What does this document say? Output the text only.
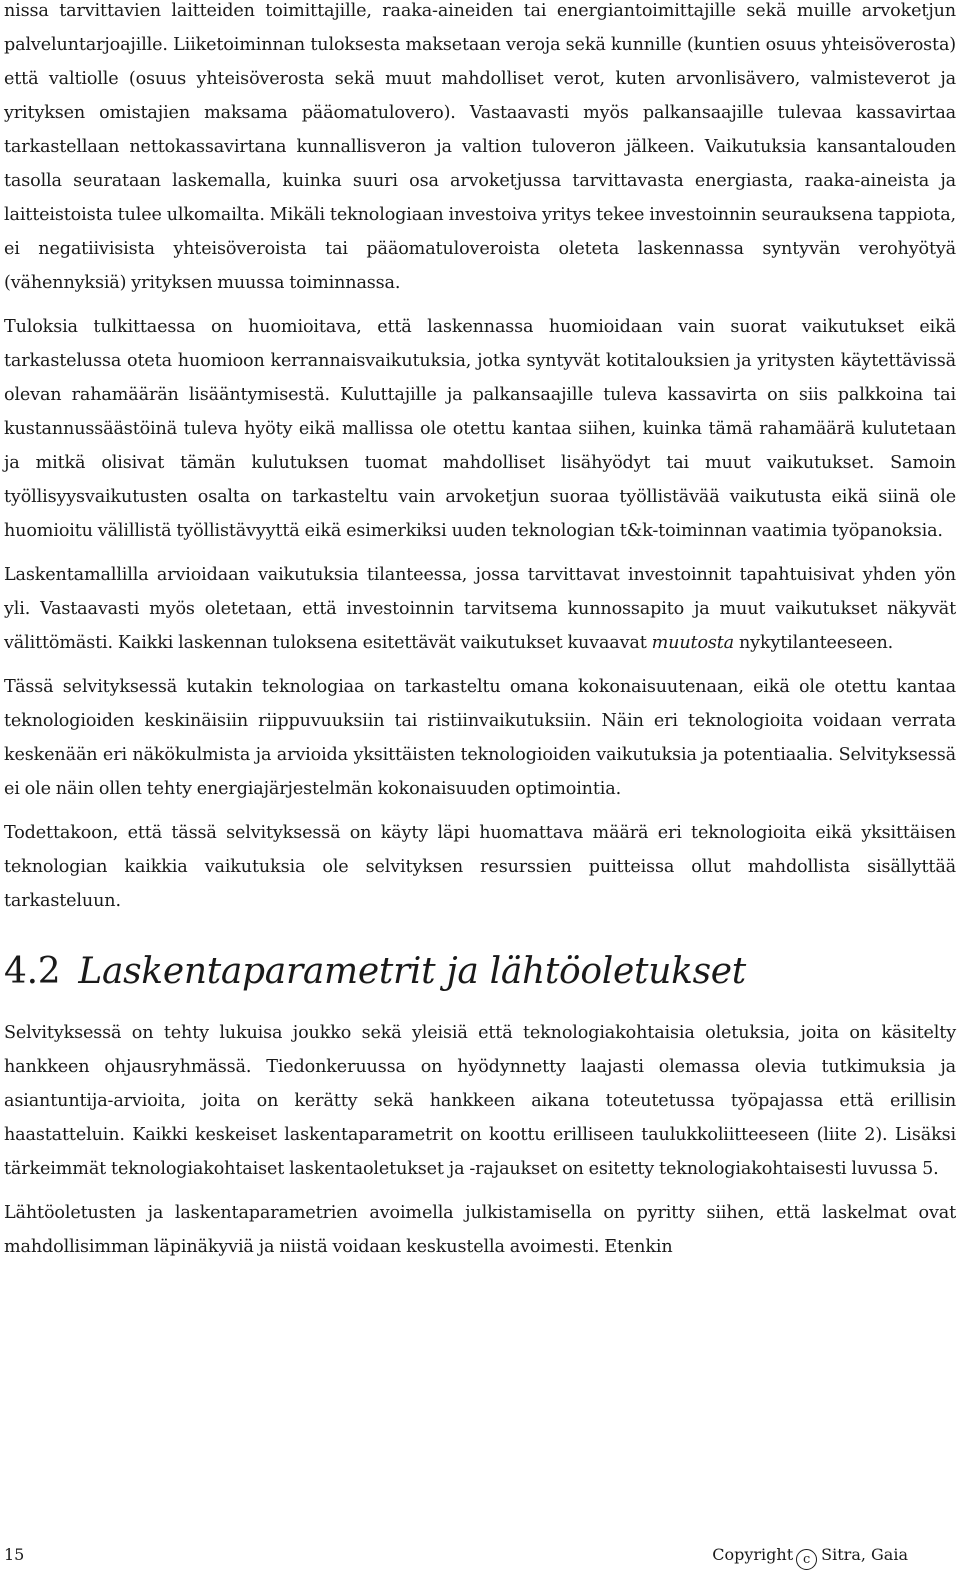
nissa tarvittavien laitteiden toimittajille, raaka-aineiden tai energiantoimittajille sekä muille arvoketjun palveluntarjoajille. Liiketoiminnan tuloksesta maksetaan veroja sekä kunnille (kuntien osuus yhteisöverosta) että valtiolle (osuus yhteisöverosta sekä muut mahdolliset verot, kuten arvonlisävero, valmisteverot ja yrityksen omistajien maksama pääomatulovero). Vastaavasti myös palkansaajille tulevaa kassavirtaa tarkastellaan nettokassavirtana kunnallisveron ja valtion tuloveron jälkeen. Vaikutuksia kansantalouden tasolla seurataan laskemalla, kuinka suuri osa arvoketjussa tarvittavasta energiasta, raaka-aineista ja laitteistoista tulee ulkomailta. Mikäli teknologiaan investoiva yritys tekee investoinnin seurauksena tappiota, ei negatiivisista yhteisöveroista tai pääomatuloveroista oleteta laskennassa syntyvän verohyötyä (vähennyksiä) yrityksen muussa toiminnassa.

Tuloksia tulkittaessa on huomioitava, että laskennassa huomioidaan vain suorat vaikutukset eikä tarkastelussa oteta huomioon kerrannaisvaikutuksia, jotka syntyvät kotitalouksien ja yritysten käytettävissä olevan rahamäärän lisääntymisestä. Kuluttajille ja palkansaajille tuleva kassavirta on siis palkkoina tai kustannussäästöinä tuleva hyöty eikä mallissa ole otettu kantaa siihen, kuinka tämä rahamäärä kulutetaan ja mitkä olisivat tämän kulutuksen tuomat mahdolliset lisähyödyt tai muut vaikutukset. Samoin työllisyysvaikutusten osalta on tarkasteltu vain arvoketjun suoraa työllistävää vaikutusta eikä siinä ole huomioitu välillistä työllistävyyttä eikä esimerkiksi uuden teknologian t&k-toiminnan vaatimia työpanoksia.

Laskentamallilla arvioidaan vaikutuksia tilanteessa, jossa tarvittavat investoinnit tapahtuisivat yhden yön yli. Vastaavasti myös oletetaan, että investoinnin tarvitsema kunnossapito ja muut vaikutukset näkyvät välittömästi. Kaikki laskennan tuloksena esitettävät vaikutukset kuvaavat muutosta nykytilanteeseen.

Tässä selvityksessä kutakin teknologiaa on tarkasteltu omana kokonaisuutenaan, eikä ole otettu kantaa teknologioiden keskinäisiin riippuvuuksiin tai ristiinvaikutuksiin. Näin eri teknologioita voidaan verrata keskenään eri näkökulmista ja arvioida yksittäisten teknologioiden vaikutuksia ja potentiaalia. Selvityksessä ei ole näin ollen tehty energiajärjestelmän kokonaisuuden optimointia.

Todettakoon, että tässä selvityksessä on käyty läpi huomattava määrä eri teknologioita eikä yksittäisen teknologian kaikkia vaikutuksia ole selvityksen resurssien puitteissa ollut mahdollista sisällyttää tarkasteluun.

4.2 Laskentaparametrit ja lähtöoletukset

Selvityksessä on tehty lukuisa joukko sekä yleisiä että teknologiakohtaisia oletuksia, joita on käsitelty hankkeen ohjausryhmässä. Tiedonkeruussa on hyödynnetty laajasti olemassa olevia tutkimuksia ja asiantuntija-arvioita, joita on kerätty sekä hankkeen aikana toteutetussa työpajassa että erillisin haastatteluin. Kaikki keskeiset laskentaparametrit on koottu erilliseen taulukkoliitteeseen (liite 2). Lisäksi tärkeimmät teknologiakohtaiset laskentaoletukset ja -rajaukset on esitetty teknologiakohtaisesti luvussa 5.

Lähtöoletusten ja laskentaparametrien avoimella julkistamisella on pyritty siihen, että laskelmat ovat mahdollisimman läpinäkyviä ja niistä voidaan keskustella avoimesti. Etenkin

15	Copyright c Sitra, Gaia
